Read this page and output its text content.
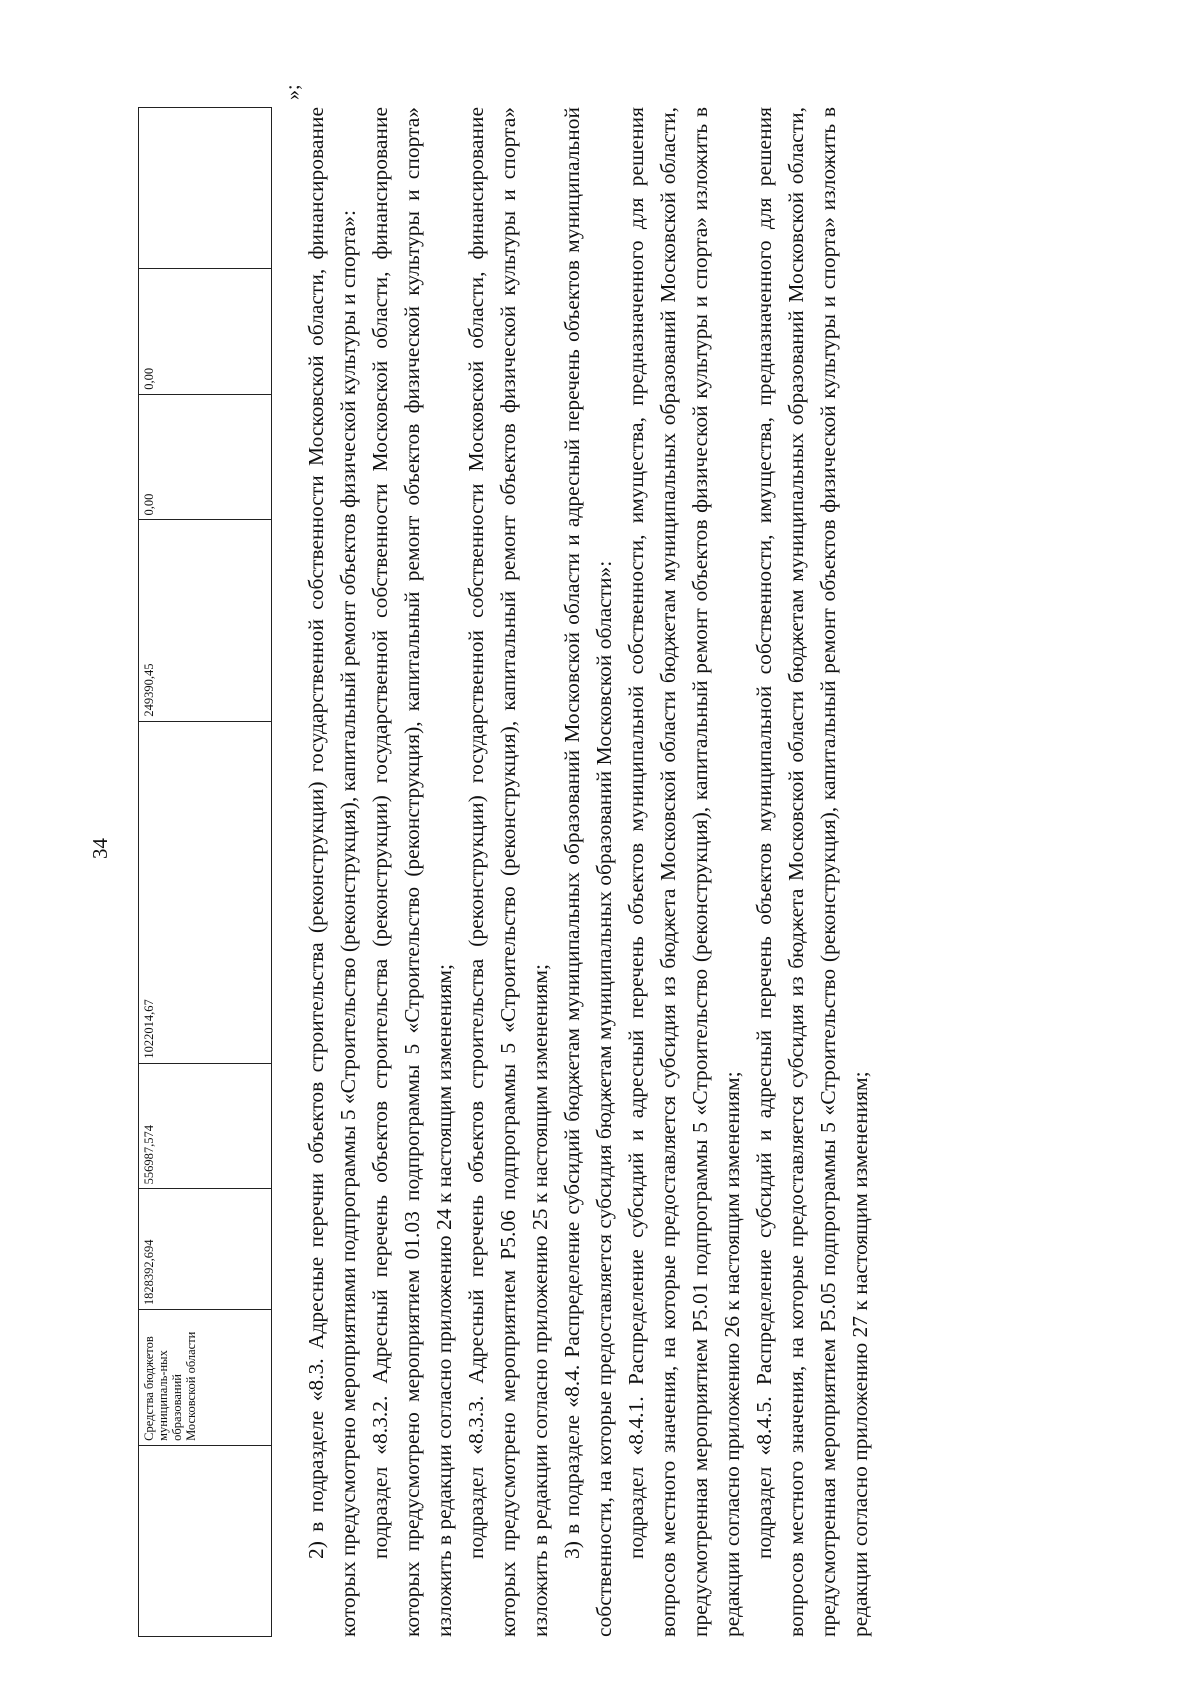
34
	Средства бюджетов муниципаль-ных образований Московской области	1828392,694	556987,574	1022014,67	249390,45	0,00	0,00	
»;

2) в подразделе «8.3. Адресные перечни объектов строительства (реконструкции) государственной собственности Московской области, финансирование которых предусмотрено мероприятиями подпрограммы 5 «Строительство (реконструкция), капитальный ремонт объектов физической культуры и спорта»: подраздел «8.3.2. Адресный перечень объектов строительства (реконструкции) государственной собственности Московской области, финансирование которых предусмотрено мероприятием 01.03 подпрограммы 5 «Строительство (реконструкция), капитальный ремонт объектов физической культуры и спорта» изложить в редакции согласно приложению 24 к настоящим изменениям; подраздел «8.3.3. Адресный перечень объектов строительства (реконструкции) государственной собственности Московской области, финансирование которых предусмотрено мероприятием P5.06 подпрограммы 5 «Строительство (реконструкция), капитальный ремонт объектов физической культуры и спорта» изложить в редакции согласно приложению 25 к настоящим изменениям; 3) в подразделе «8.4. Распределение субсидий бюджетам муниципальных образований Московской области и адресный перечень объектов муниципальной собственности, на которые предоставляется субсидия бюджетам муниципальных образований Московской области»: подраздел «8.4.1. Распределение субсидий и адресный перечень объектов муниципальной собственности, имущества, предназначенного для решения вопросов местного значения, на которые предоставляется субсидия из бюджета Московской области бюджетам муниципальных образований Московской области, предусмотренная мероприятием P5.01 подпрограммы 5 «Строительство (реконструкция), капитальный ремонт объектов физической культуры и спорта» изложить в редакции согласно приложению 26 к настоящим изменениям; подраздел «8.4.5. Распределение субсидий и адресный перечень объектов муниципальной собственности, имущества, предназначенного для решения вопросов местного значения, на которые предоставляется субсидия из бюджета Московской области бюджетам муниципальных образований Московской области, предусмотренная мероприятием P5.05 подпрограммы 5 «Строительство (реконструкция), капитальный ремонт объектов физической культуры и спорта» изложить в редакции согласно приложению 27 к настоящим изменениям;
